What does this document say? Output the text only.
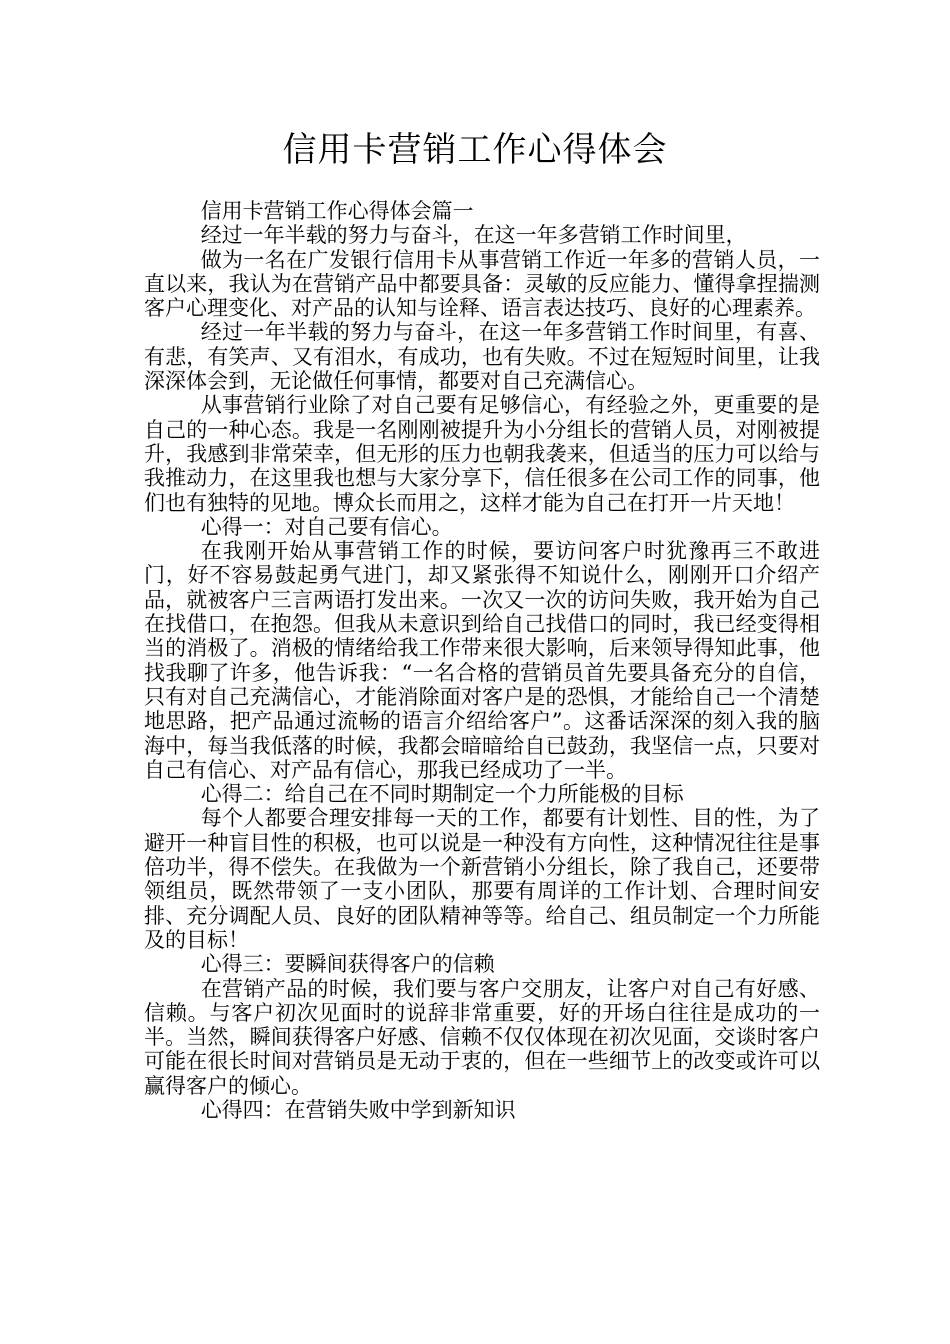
信用卡营销工作心得体会

信用卡营销工作心得体会篇一

经过一年半载的努力与奋斗，在这一年多营销工作时间里，

做为一名在广发银行信用卡从事营销工作近一年多的营销人员，一直以来，我认为在营销产品中都要具备：灵敏的反应能力、懂得拿捏揣测客户心理变化、对产品的认知与诠释、语言表达技巧、良好的心理素养。

经过一年半载的努力与奋斗，在这一年多营销工作时间里，有喜、有悲，有笑声、又有泪水，有成功，也有失败。不过在短短时间里，让我深深体会到，无论做任何事情，都要对自己充满信心。

从事营销行业除了对自己要有足够信心，有经验之外，更重要的是自己的一种心态。我是一名刚刚被提升为小分组长的营销人员，对刚被提升，我感到非常荣幸，但无形的压力也朝我袭来，但适当的压力可以给与我推动力，在这里我也想与大家分享下，信任很多在公司工作的同事，他们也有独特的见地。博众长而用之，这样才能为自己在打开一片天地！

心得一：对自己要有信心。

在我刚开始从事营销工作的时候，要访问客户时犹豫再三不敢进门，好不容易鼓起勇气进门，却又紧张得不知说什么，刚刚开口介绍产品，就被客户三言两语打发出来。一次又一次的访问失败，我开始为自己在找借口，在抱怨。但我从未意识到给自己找借口的同时，我已经变得相当的消极了。消极的情绪给我工作带来很大影响，后来领导得知此事，他找我聊了许多，他告诉我：“一名合格的营销员首先要具备充分的自信，只有对自己充满信心，才能消除面对客户是的恐惧，才能给自己一个清楚地思路，把产品通过流畅的语言介绍给客户”。这番话深深的刻入我的脑海中，每当我低落的时候，我都会暗暗给自已鼓劲，我坚信一点，只要对自己有信心、对产品有信心，那我已经成功了一半。

心得二：给自己在不同时期制定一个力所能极的目标

每个人都要合理安排每一天的工作，都要有计划性、目的性，为了避开一种盲目性的积极，也可以说是一种没有方向性，这种情况往往是事倍功半，得不偿失。在我做为一个新营销小分组长，除了我自己，还要带领组员，既然带领了一支小团队，那要有周详的工作计划、合理时间安排、充分调配人员、良好的团队精神等等。给自己、组员制定一个力所能及的目标！

心得三：要瞬间获得客户的信赖

在营销产品的时候，我们要与客户交朋友，让客户对自己有好感、信赖。与客户初次见面时的说辞非常重要，好的开场白往往是成功的一半。当然，瞬间获得客户好感、信赖不仅仅体现在初次见面，交谈时客户可能在很长时间对营销员是无动于衷的，但在一些细节上的改变或许可以赢得客户的倾心。

心得四：在营销失败中学到新知识
